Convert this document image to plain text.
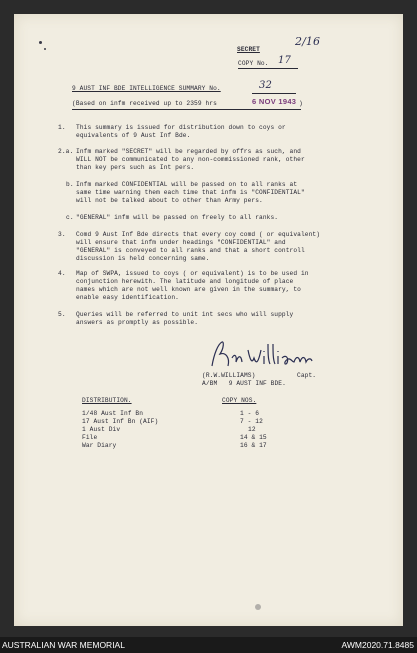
SECRET
2/16
COPY No. 17
9 AUST INF BDE INTELLIGENCE SUMMARY No.	32
(Based on infm received up to 2359 hrs	6 NOV 1943 )
1. This summary is issued for distribution down to coys or
equivalents of 9 Aust Inf Bde.
2.a. Infm marked "SECRET" will be regarded by offrs as such, and
WILL NOT be communicated to any non-commissioned rank, other
than key pers such as Int pers.
b. Infm marked CONFIDENTIAL will be passed on to all ranks at
same time warning them each time that infm is "CONFIDENTIAL"
will not be talked about to other than Army pers.
c. "GENERAL" infm will be passed on freely to all ranks.
3. Comd 9 Aust Inf Bde directs that every coy comd ( or equivalent)
will ensure that infm under headings "CONFIDENTIAL" and
"GENERAL" is conveyed to all ranks and that a short controll
discussion is held concerning same.
4. Map of SWPA, issued to coys ( or equivalent) is to be used in
conjunction herewith. The latitude and longitude of place
names which are not well known are given in the summary, to
enable easy identification.
5. Queries will be referred to unit int secs who will supply
answers as promptly as possible.
(R.W.WILLIAMS)	Capt.
A/BM   9 AUST INF BDE.
DISTRIBUTION.	COPY NOS.
1/48 Aust Inf Bn	1 - 6
17 Aust Inf Bn (AIF)	7 - 12
1 Aust Div	12
File	14 & 15
War Diary	16 & 17
AUSTRALIAN WAR MEMORIAL	AWM2020.71.8485
